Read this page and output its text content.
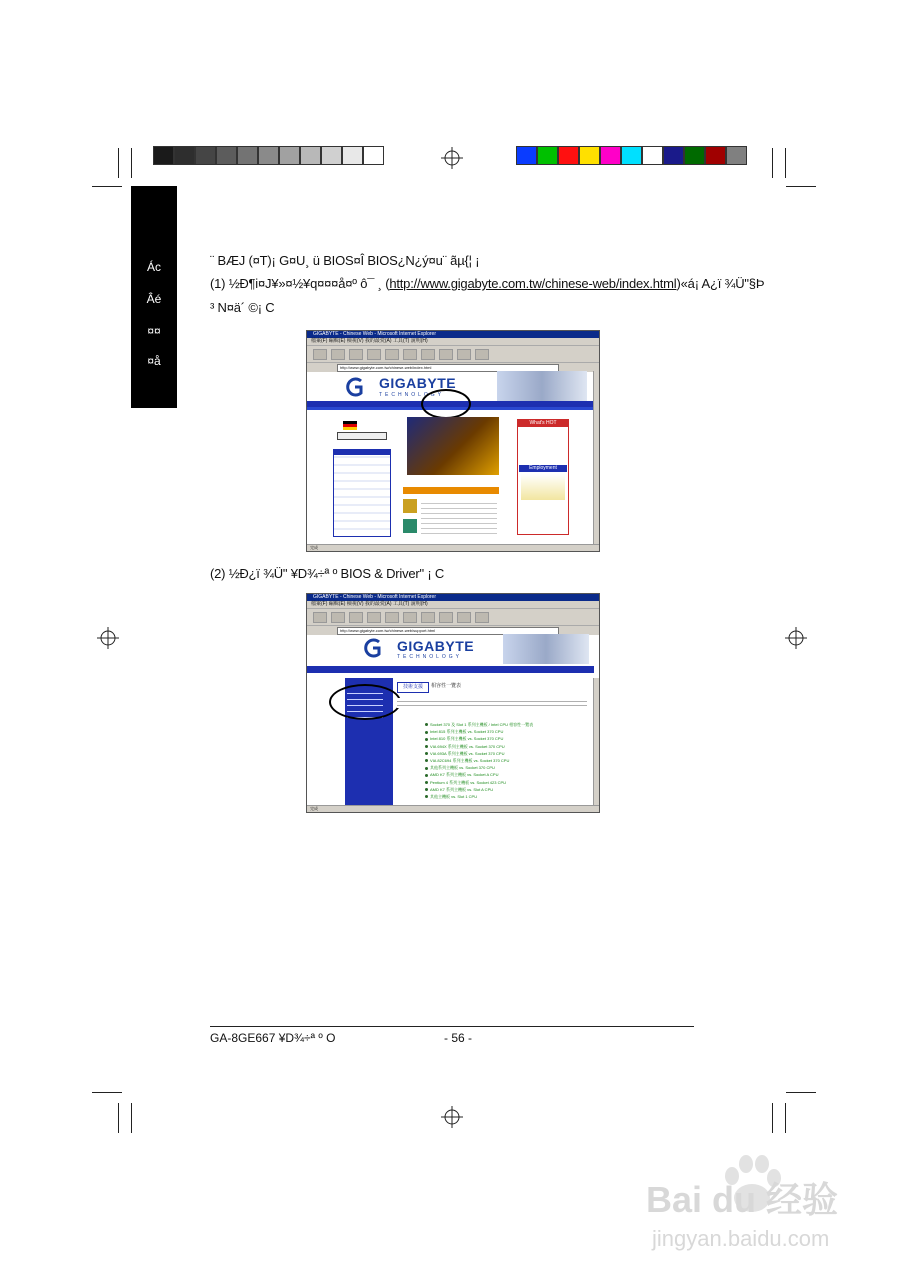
Ác
Âé
¤¤
¤å
¨ BÆJ (¤T)¡ G¤U¸ ü BIOS¤Î BIOS¿N¿ý¤u¨ ãµ{¦ ¡
(1) ½Ð¶i¤J¥»¤½¥q¤¤¤å¤º ô¯ ¸ (http://www.gigabyte.com.tw/chinese-web/index.html)«á¡ A¿ï ¾Ü"§Þ
³ N¤ä´ ©¡ C
GIGABYTE - Chinese Web - Microsoft Internet Explorer
檔案(F) 編輯(E) 檢視(V) 我的最愛(A) 工具(T) 說明(H)
http://www.gigabyte.com.tw/chinese-web/index.html
GIGABYTE
TECHNOLOGY
What's HOT
Employment
完成
(2) ½Ð¿ï ¾Ü" ¥D¾÷ª º BIOS & Driver" ¡ C
GIGABYTE - Chinese Web - Microsoft Internet Explorer
檔案(F) 編輯(E) 檢視(V) 我的最愛(A) 工具(T) 說明(H)
http://www.gigabyte.com.tw/chinese-web/support.html
GIGABYTE
TECHNOLOGY
技術支援	相容性一覽表
Socket 370 及 Slot 1 系列主機板 / Intel CPU 相容性一覽表
Intel 815 系列主機板 vs. Socket 370 CPU
Intel 810 系列主機板 vs. Socket 370 CPU
VIA 694X 系列主機板 vs. Socket 370 CPU
VIA 693A 系列主機板 vs. Socket 370 CPU
VIA 82C694 系列主機板 vs. Socket 370 CPU
其他系列主機板 vs. Socket 370 CPU
AMD K7 系列主機板 vs. Socket A CPU
Pentium 4 系列主機板 vs. Socket 423 CPU
AMD K7 系列主機板 vs. Slot A CPU
其他主機板 vs. Slot 1 CPU
完成
GA-8GE667 ¥D¾÷ª º O	- 56 -
Bai du 经验
jingyan.baidu.com
